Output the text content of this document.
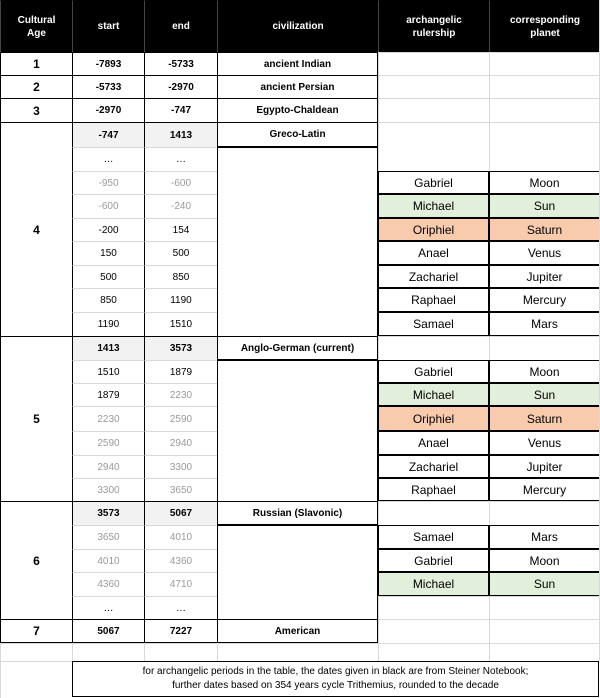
Cultural
Age
start	end	civilization
archangelic
rulership
corresponding
planet
1	-7893	-5733	ancient Indian
2	-5733	-2970	ancient Persian
3	-2970	-747	Egypto-Chaldean
4
-747	1413	Greco-Latin
…	…
-950	-600	Gabriel	Moon
-600	-240	Michael	Sun
-200	154	Oriphiel	Saturn
150	500	Anael	Venus
500	850	Zachariel	Jupiter
850	1190	Raphael	Mercury
1190	1510	Samael	Mars
5
1413	3573	Anglo-German (current)
1510	1879	Gabriel	Moon
1879	2230	Michael	Sun
2230	2590	Oriphiel	Saturn
2590	2940	Anael	Venus
2940	3300	Zachariel	Jupiter
3300	3650	Raphael	Mercury
6
3573	5067	Russian (Slavonic)
3650	4010	Samael	Mars
4010	4360	Gabriel	Moon
4360	4710	Michael	Sun
…	…
7	5067	7227	American
for archangelic periods in the table, the dates given in black are from Steiner Notebook;
further dates based on 354 years cycle Trithemius, rounded to the decade
